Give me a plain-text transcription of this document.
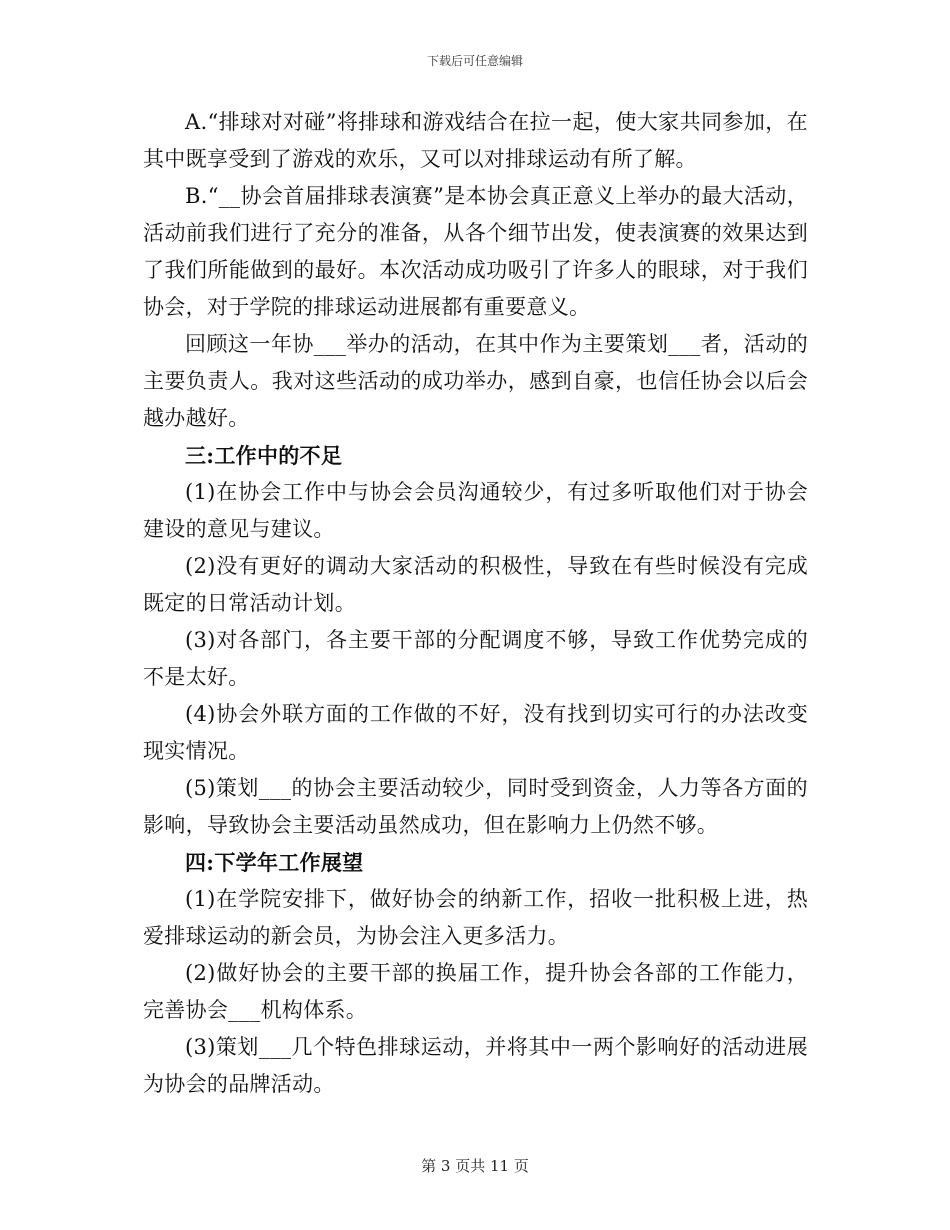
下载后可任意编辑

A.“排球对对碰”将排球和游戏结合在拉一起，使大家共同参加，在其中既享受到了游戏的欢乐，又可以对排球运动有所了解。

B.“__协会首届排球表演赛”是本协会真正意义上举办的最大活动，活动前我们进行了充分的准备，从各个细节出发，使表演赛的效果达到了我们所能做到的最好。本次活动成功吸引了许多人的眼球，对于我们协会，对于学院的排球运动进展都有重要意义。

回顾这一年协___举办的活动，在其中作为主要策划___者，活动的主要负责人。我对这些活动的成功举办，感到自豪，也信任协会以后会越办越好。

三:工作中的不足

(1)在协会工作中与协会会员沟通较少，有过多听取他们对于协会建设的意见与建议。

(2)没有更好的调动大家活动的积极性，导致在有些时候没有完成既定的日常活动计划。

(3)对各部门，各主要干部的分配调度不够，导致工作优势完成的不是太好。

(4)协会外联方面的工作做的不好，没有找到切实可行的办法改变现实情况。

(5)策划___的协会主要活动较少，同时受到资金，人力等各方面的影响，导致协会主要活动虽然成功，但在影响力上仍然不够。

四:下学年工作展望

(1)在学院安排下，做好协会的纳新工作，招收一批积极上进，热爱排球运动的新会员，为协会注入更多活力。

(2)做好协会的主要干部的换届工作，提升协会各部的工作能力，完善协会___机构体系。

(3)策划___几个特色排球运动，并将其中一两个影响好的活动进展为协会的品牌活动。

第 3 页共 11 页
